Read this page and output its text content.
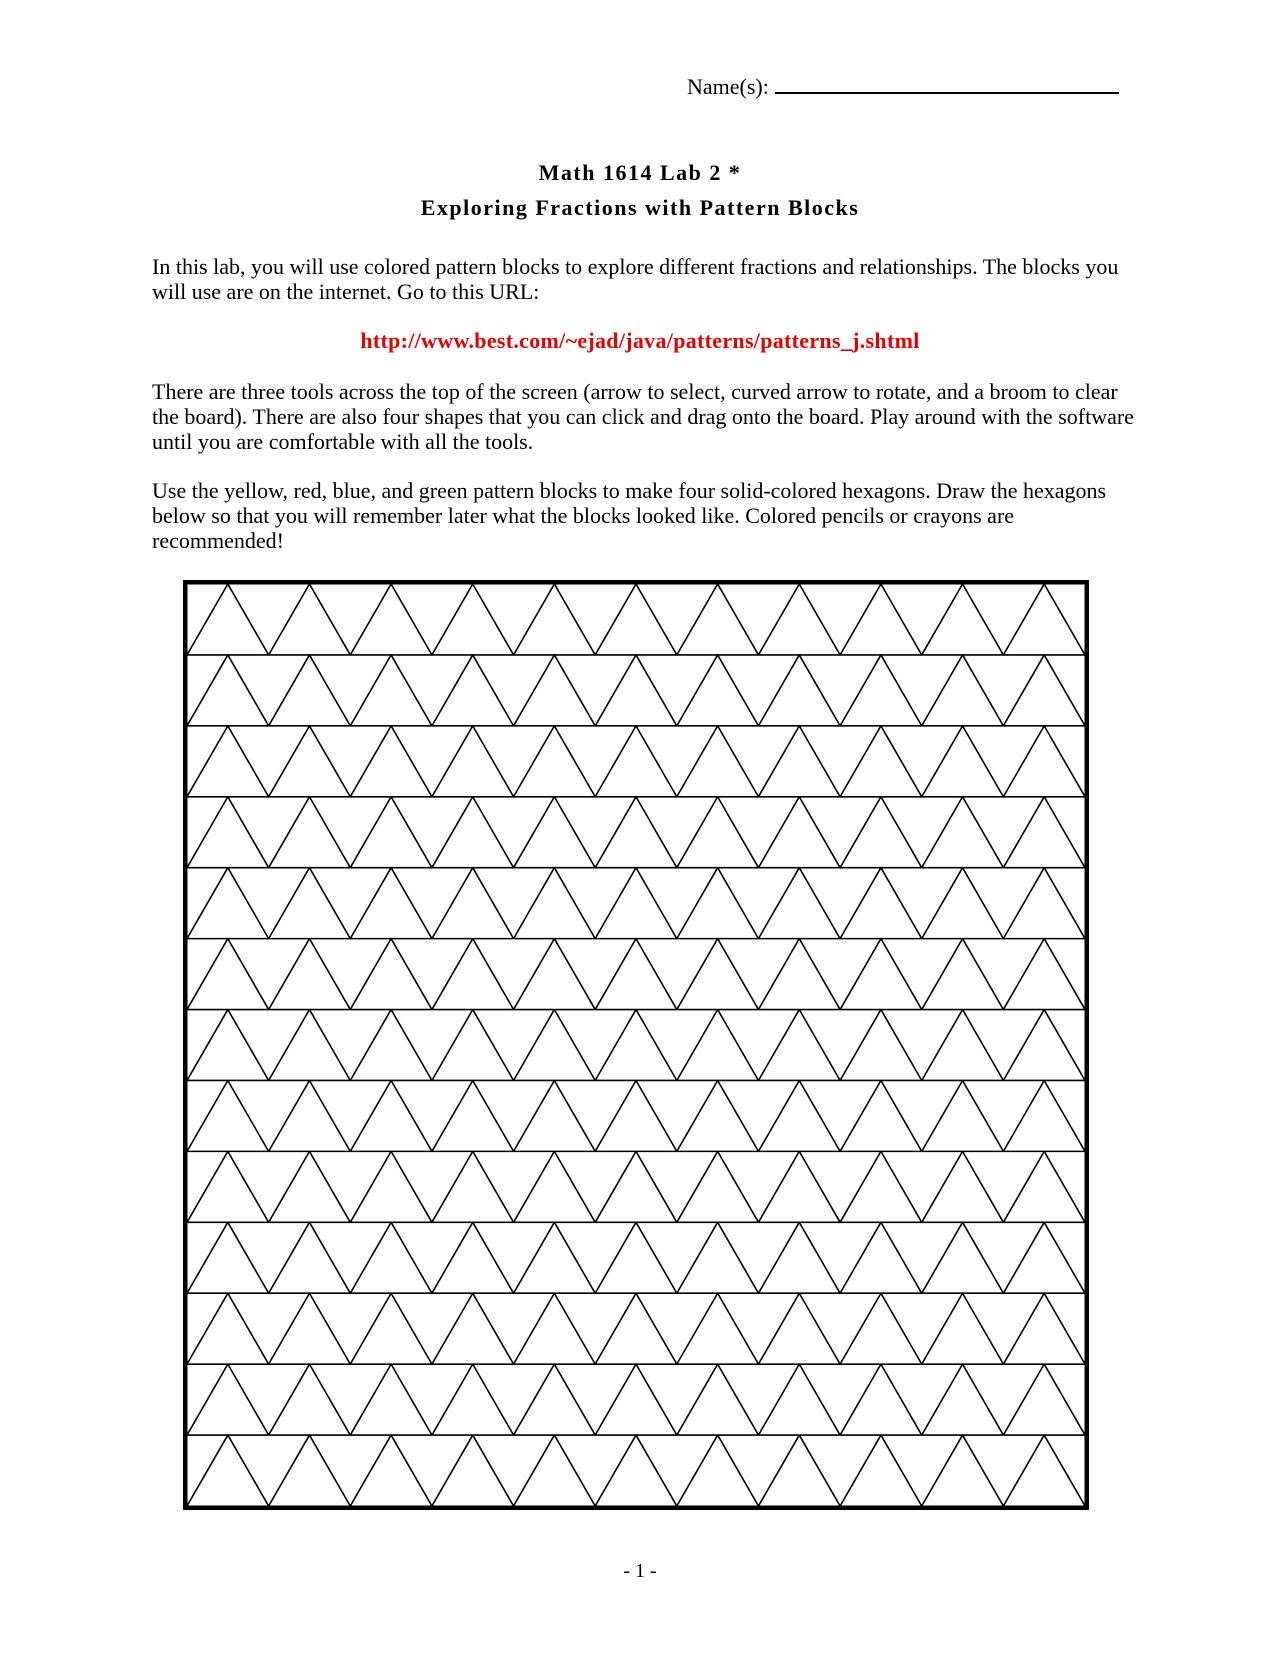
Name(s):
Math 1614 Lab 2 *
Exploring Fractions with Pattern Blocks

In this lab, you will use colored pattern blocks to explore different fractions and relationships. The blocks you will use are on the internet. Go to this URL:

http://www.best.com/~ejad/java/patterns/patterns_j.shtml

There are three tools across the top of the screen (arrow to select, curved arrow to rotate, and a broom to clear the board). There are also four shapes that you can click and drag onto the board. Play around with the software until you are comfortable with all the tools.

Use the yellow, red, blue, and green pattern blocks to make four solid-colored hexagons. Draw the hexagons below so that you will remember later what the blocks looked like. Colored pencils or crayons are recommended!

- 1 -
